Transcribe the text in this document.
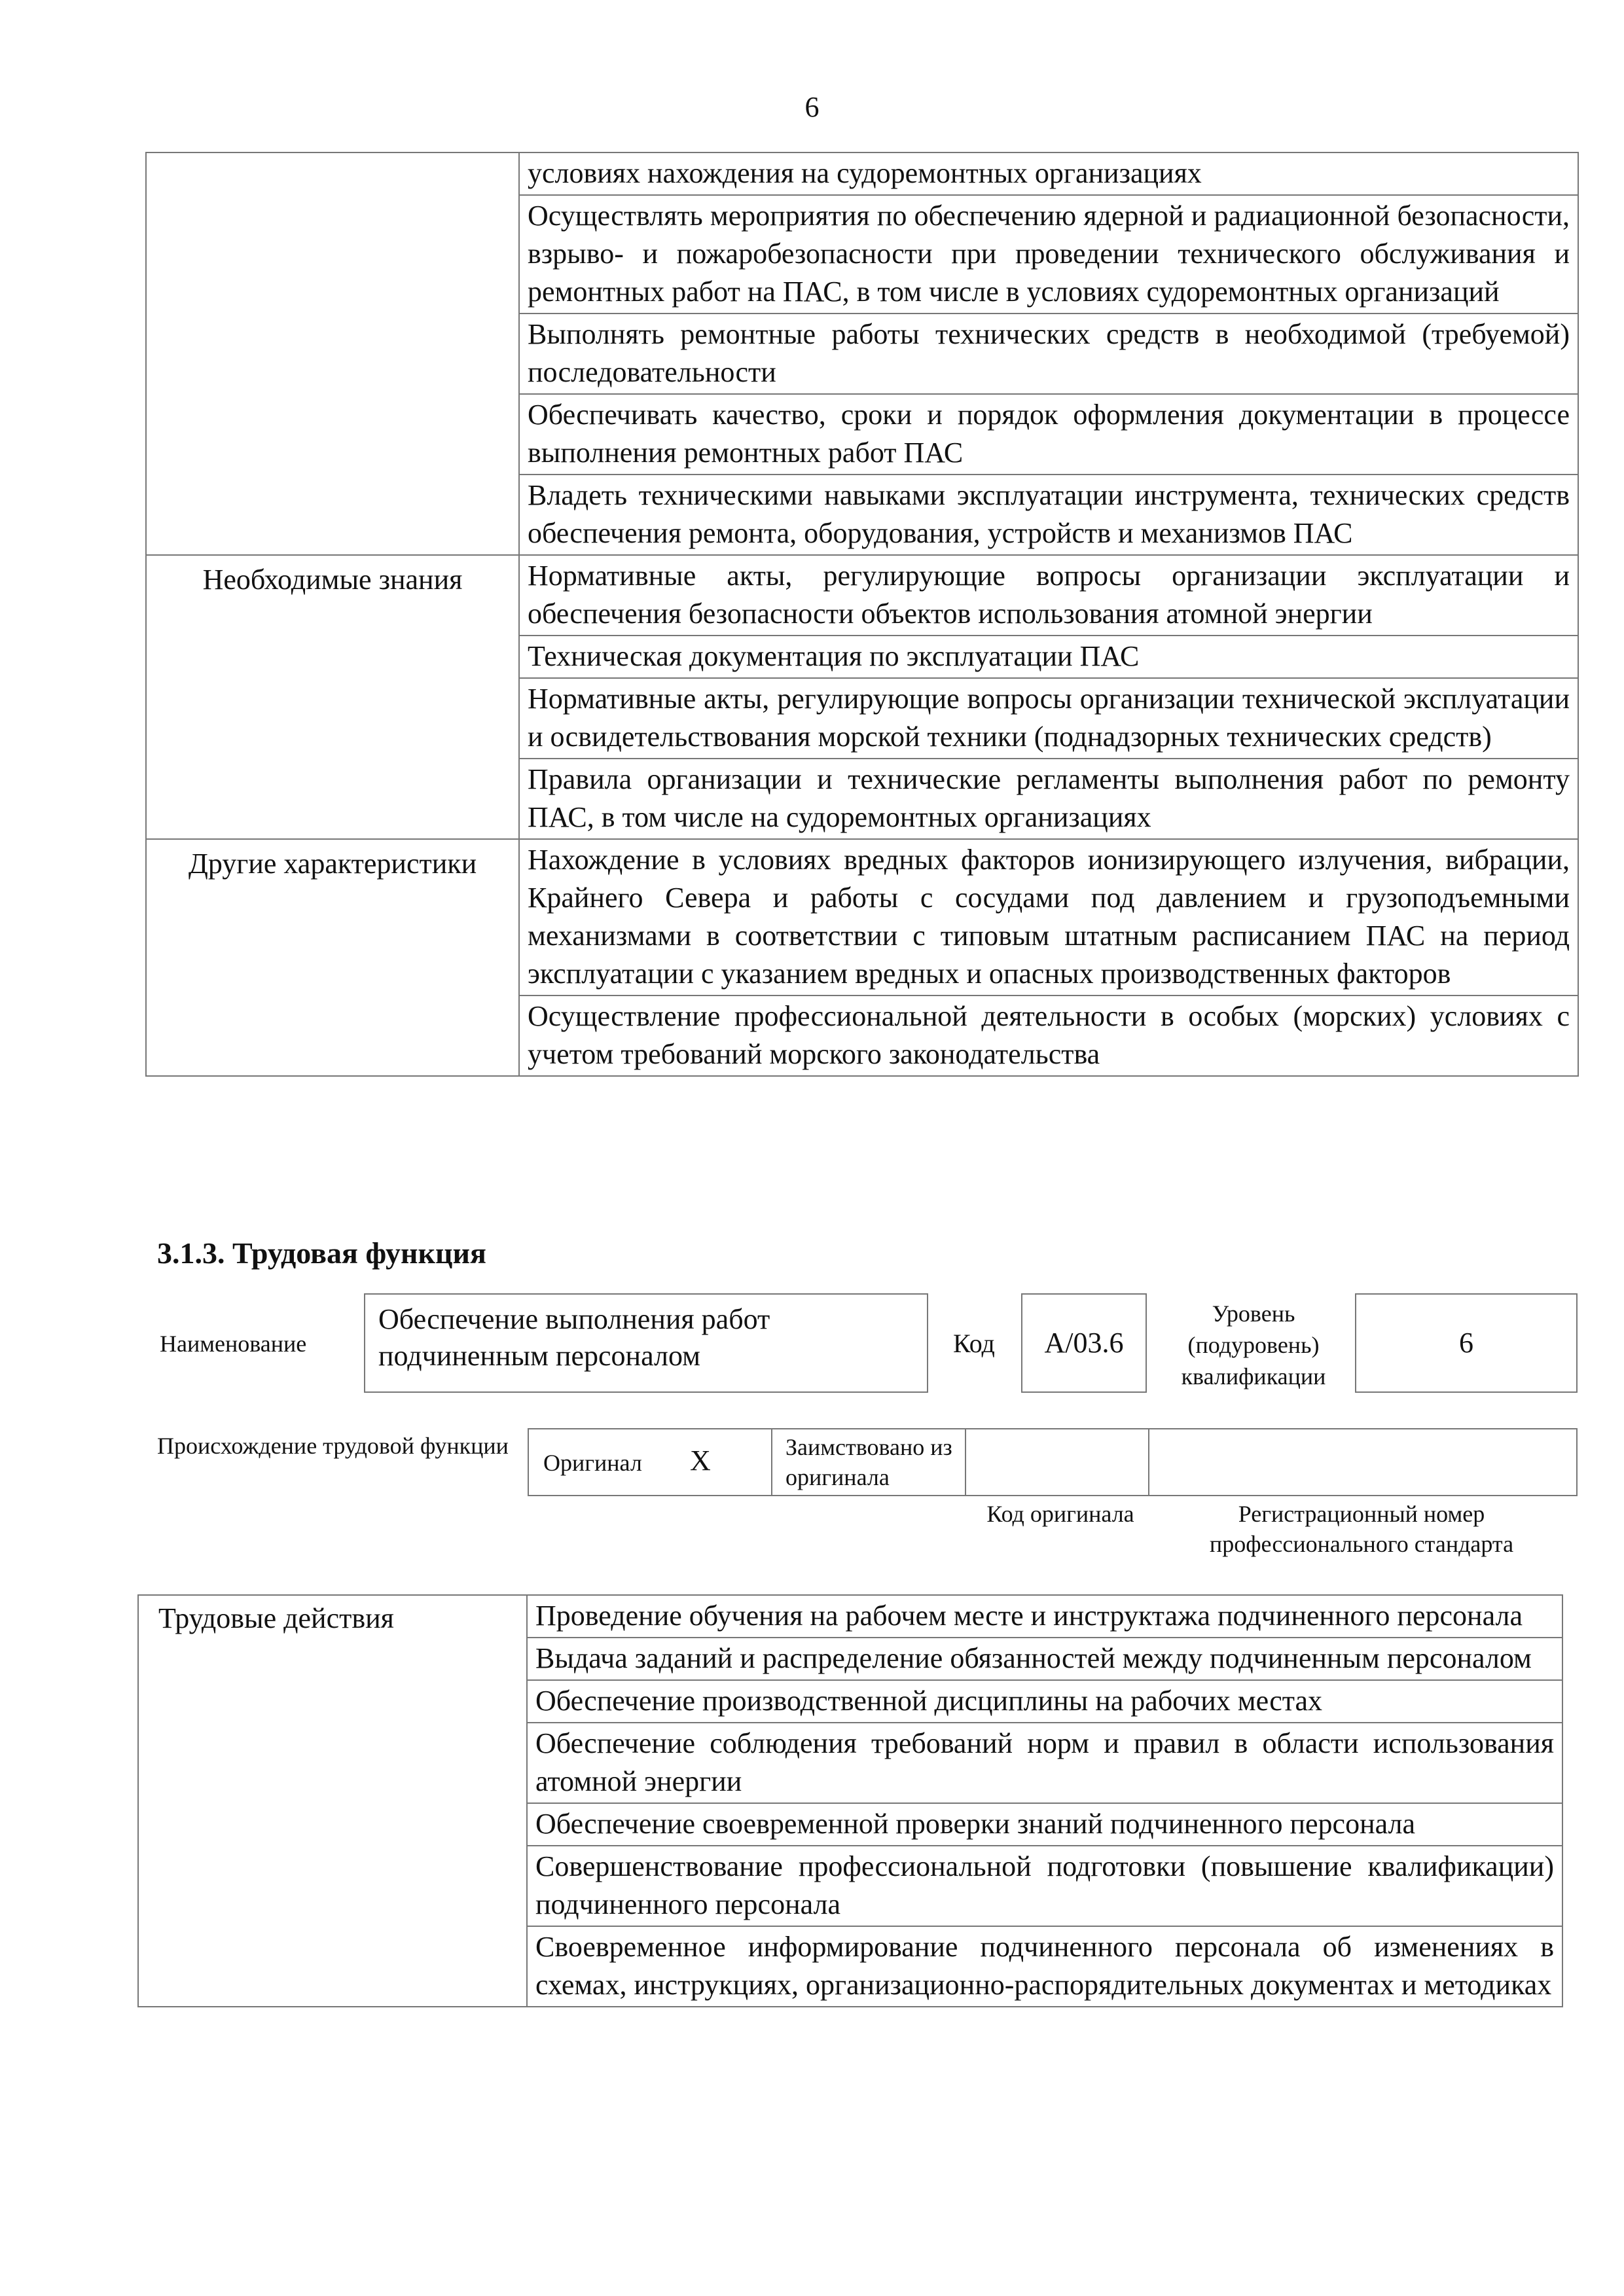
6
	условиях нахождения на судоремонтных организациях
	Осуществлять мероприятия по обеспечению ядерной и радиационной безопасности, взрыво- и пожаробезопасности при проведении технического обслуживания и ремонтных работ на ПАС, в том числе в условиях судоремонтных организаций
	Выполнять ремонтные работы технических средств в необходимой (требуемой) последовательности
	Обеспечивать качество, сроки и порядок оформления документации в процессе выполнения ремонтных работ ПАС
	Владеть техническими навыками эксплуатации инструмента, технических средств обеспечения ремонта, оборудования, устройств и механизмов ПАС
Необходимые знания	Нормативные акты, регулирующие вопросы организации эксплуатации и обеспечения безопасности объектов использования атомной энергии
	Техническая документация по эксплуатации ПАС
	Нормативные акты, регулирующие вопросы организации технической эксплуатации и освидетельствования морской техники (поднадзорных технических средств)
	Правила организации и технические регламенты выполнения работ по ремонту ПАС, в том числе на судоремонтных организациях
Другие характеристики	Нахождение в условиях вредных факторов ионизирующего излучения, вибрации, Крайнего Севера и работы с сосудами под давлением и грузоподъемными механизмами в соответствии с типовым штатным расписанием ПАС на период эксплуатации с указанием вредных и опасных производственных факторов
	Осуществление профессиональной деятельности в особых (морских) условиях с учетом требований морского законодательства
3.1.3. Трудовая функция
Наименование
Обеспечение выполнения работ подчиненным персоналом	Код А/03.6
Уровень (подуровень) квалификации
6
Происхождение трудовой функции
Оригинал X	Заимствовано из оригинала
Код оригинала	Регистрационный номер профессионального стандарта
Трудовые действия	Проведение обучения на рабочем месте и инструктажа подчиненного персонала
Выдача заданий и распределение обязанностей между подчиненным персоналом
Обеспечение производственной дисциплины на рабочих местах
Обеспечение соблюдения требований норм и правил в области использования атомной энергии
Обеспечение своевременной проверки знаний подчиненного персонала
Совершенствование профессиональной подготовки (повышение квалификации) подчиненного персонала
Своевременное информирование подчиненного персонала об изменениях в схемах, инструкциях, организационно-распорядительных документах и методиках
